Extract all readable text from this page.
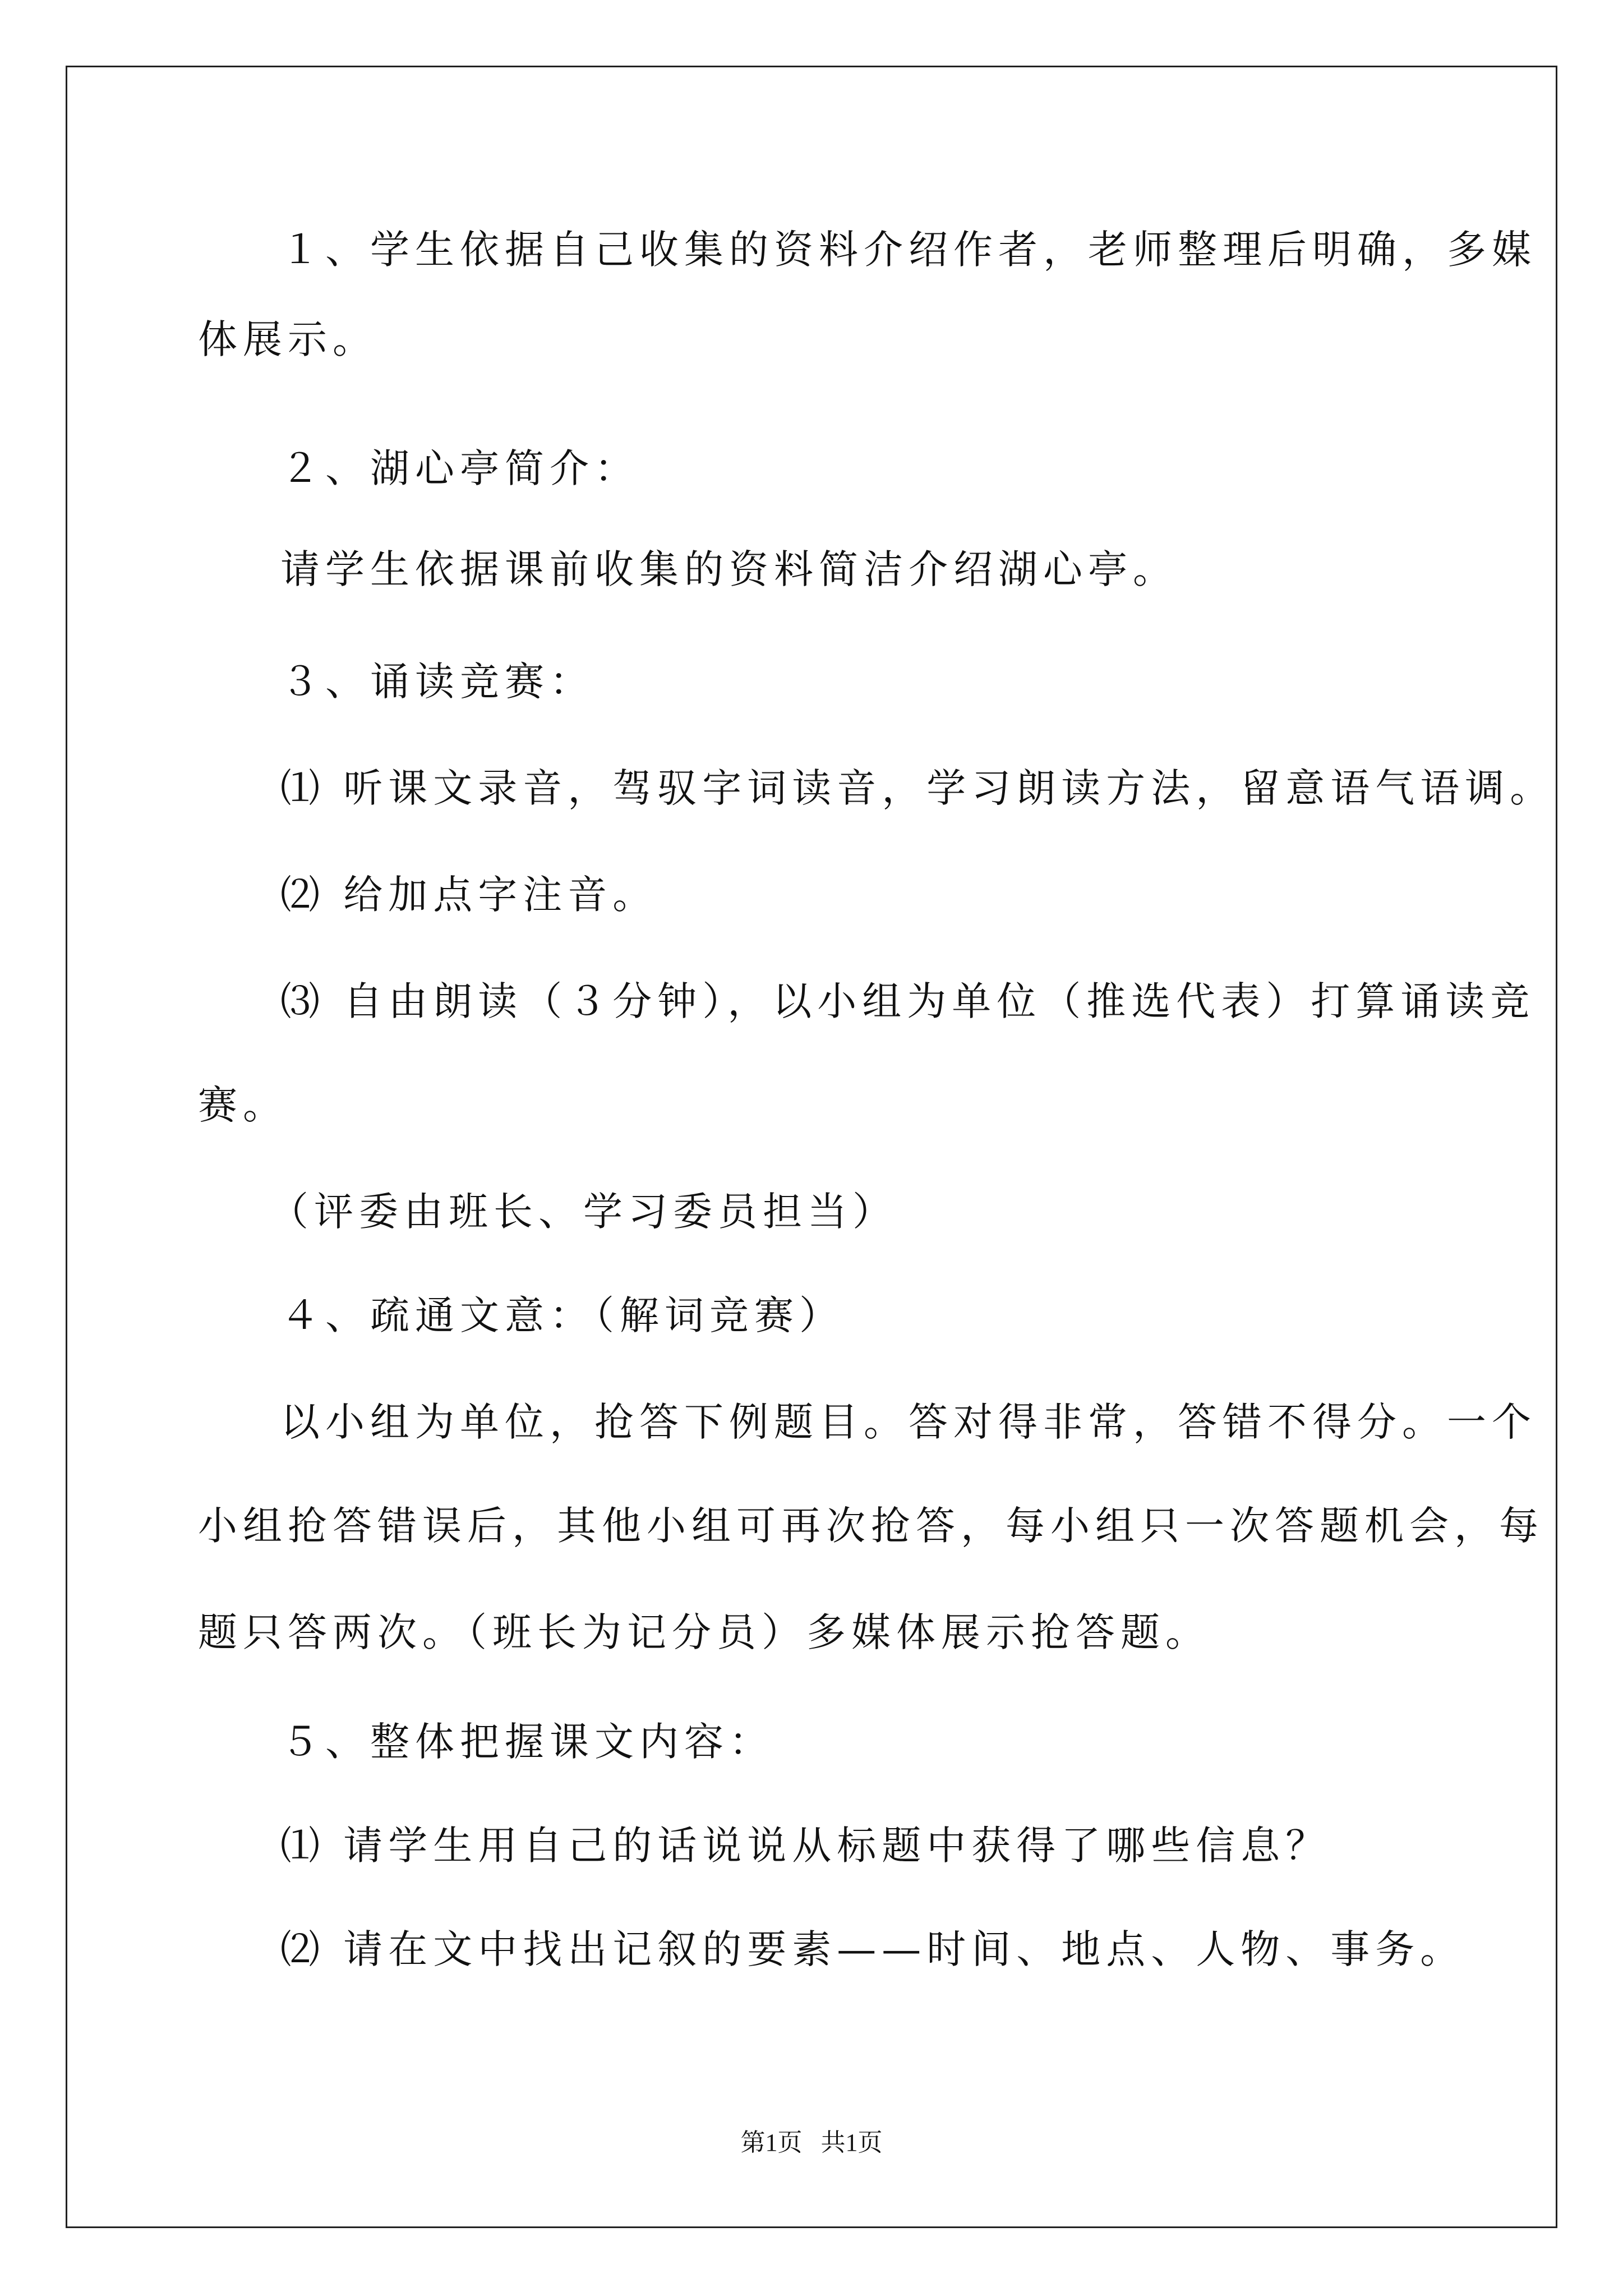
１、学生依据自己收集的资料介绍作者，老师整理后明确，多媒
体展示。
２、湖心亭简介：
请学生依据课前收集的资料简洁介绍湖心亭。
３、诵读竞赛：
⑴ 听课文录音，驾驭字词读音，学习朗读方法，留意语气语调。
⑵ 给加点字注音。
⑶ 自由朗读（３分钟），以小组为单位（推选代表）打算诵读竞
赛。
（评委由班长、学习委员担当）
４、疏通文意：（解词竞赛）
以小组为单位，抢答下例题目。答对得非常，答错不得分。一个
小组抢答错误后，其他小组可再次抢答，每小组只一次答题机会，每
题只答两次。（班长为记分员）多媒体展示抢答题。
５、整体把握课文内容：
⑴ 请学生用自己的话说说从标题中获得了哪些信息？
⑵ 请在文中找出记叙的要素——时间、地点、人物、事务。
第1页   共1页
